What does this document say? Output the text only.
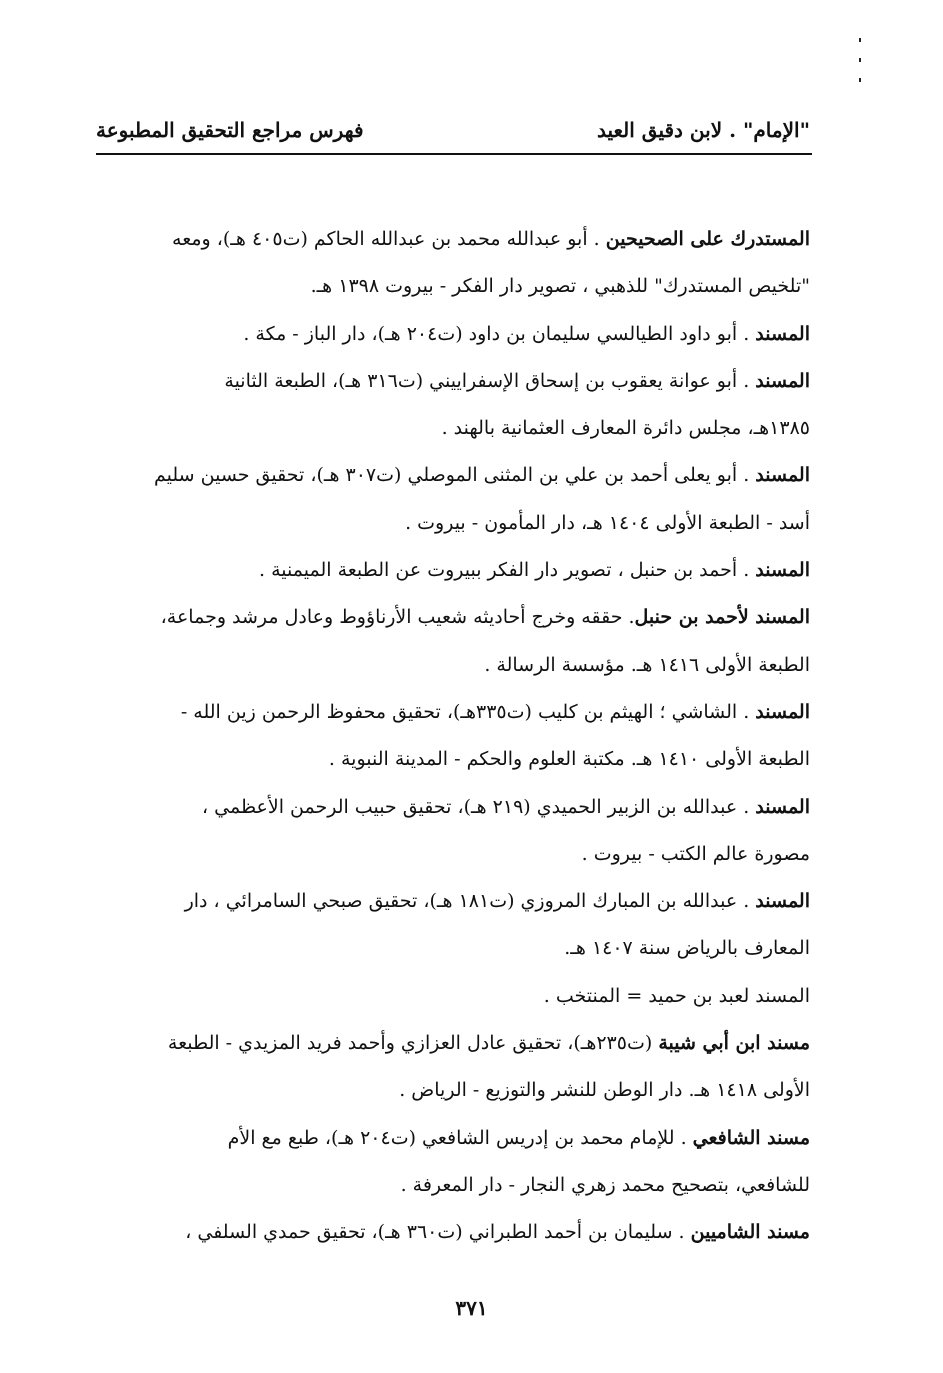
"الإمام" . لابن دقيق العيد
فهرس مراجع التحقيق المطبوعة
المستدرك على الصحيحين . أبو عبدالله محمد بن عبدالله الحاكم (ت٤٠٥ هـ)، ومعه
"تلخيص المستدرك" للذهبي ، تصوير دار الفكر - بيروت ١٣٩٨ هـ.
المسند . أبو داود الطيالسي سليمان بن داود (ت٢٠٤ هـ)، دار الباز - مكة .
المسند . أبو عوانة يعقوب بن إسحاق الإسفراييني (ت٣١٦ هـ)، الطبعة الثانية
١٣٨٥هـ، مجلس دائرة المعارف العثمانية بالهند .
المسند . أبو يعلى أحمد بن علي بن المثنى الموصلي (ت٣٠٧ هـ)، تحقيق حسين سليم
أسد - الطبعة الأولى ١٤٠٤ هـ، دار المأمون - بيروت .
المسند . أحمد بن حنبل ، تصوير دار الفكر ببيروت عن الطبعة الميمنية .
المسند لأحمد بن حنبل. حققه وخرج أحاديثه شعيب الأرناؤوط وعادل مرشد وجماعة،
الطبعة الأولى ١٤١٦ هـ. مؤسسة الرسالة .
المسند . الشاشي ؛ الهيثم بن كليب (ت٣٣٥هـ)، تحقيق محفوظ الرحمن زين الله -
الطبعة الأولى ١٤١٠ هـ. مكتبة العلوم والحكم - المدينة النبوية .
المسند . عبدالله بن الزبير الحميدي (٢١٩ هـ)، تحقيق حبيب الرحمن الأعظمي ،
مصورة عالم الكتب - بيروت .
المسند . عبدالله بن المبارك المروزي (ت١٨١ هـ)، تحقيق صبحي السامرائي ، دار
المعارف بالرياض سنة ١٤٠٧ هـ.
المسند لعبد بن حميد = المنتخب .
مسند ابن أبي شيبة (ت٢٣٥هـ)، تحقيق عادل العزازي وأحمد فريد المزيدي - الطبعة
الأولى ١٤١٨ هـ. دار الوطن للنشر والتوزيع - الرياض .
مسند الشافعي . للإمام محمد بن إدريس الشافعي (ت٢٠٤ هـ)، طبع مع الأم
للشافعي، بتصحيح محمد زهري النجار - دار المعرفة .
مسند الشاميين . سليمان بن أحمد الطبراني (ت٣٦٠ هـ)، تحقيق حمدي السلفي ،
٣٧١
